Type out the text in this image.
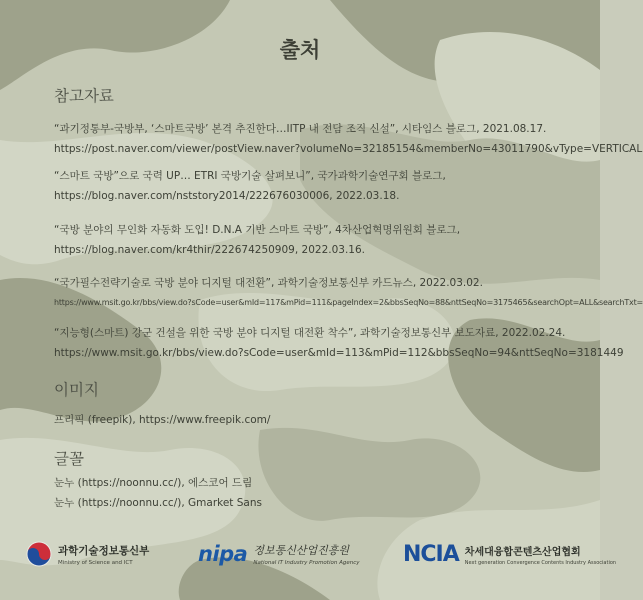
출처
참고자료
“과기정통부-국방부, ‘스마트국방’ 본격 추진한다…IITP 내 전담 조직 신설”, 시타임스 블로그, 2021.08.17.
https://post.naver.com/viewer/postView.naver?volumeNo=32185154&memberNo=43011790&vType=VERTICAL
“스마트 국방”으로 국력 UP… ETRI 국방기술 살펴보니”, 국가과학기술연구회 블로그,
https://blog.naver.com/nststory2014/222676030006, 2022.03.18.
“국방 분야의 무인화 자동화 도입! D.N.A 기반 스마트 국방”, 4차산업혁명위원회 블로그,
https://blog.naver.com/kr4thir/222674250909, 2022.03.16.
“국가필수전략기술로 국방 분야 디지털 대전환”, 과학기술정보통신부 카드뉴스, 2022.03.02.
https://www.msit.go.kr/bbs/view.do?sCode=user&mId=117&mPid=111&pageIndex=2&bbsSeqNo=88&nttSeqNo=3175465&searchOpt=ALL&searchTxt=
“지능형(스마트) 강군 건설을 위한 국방 분야 디지털 대전환 착수”, 과학기술정보통신부 보도자료, 2022.02.24.
https://www.msit.go.kr/bbs/view.do?sCode=user&mId=113&mPid=112&bbsSeqNo=94&nttSeqNo=3181449
이미지
프리픽 (freepik), https://www.freepik.com/
글꼴
눈누 (https://noonnu.cc/), 에스코어 드림
눈누 (https://noonnu.cc/), Gmarket Sans
과학기술정보통신부
Ministry of Science and ICT	nipa 정보통신산업진흥원
National IT Industry Promotion Agency NCIA 차세대융합콘텐츠산업협회
Next generation Convergence Contents Industry Association
